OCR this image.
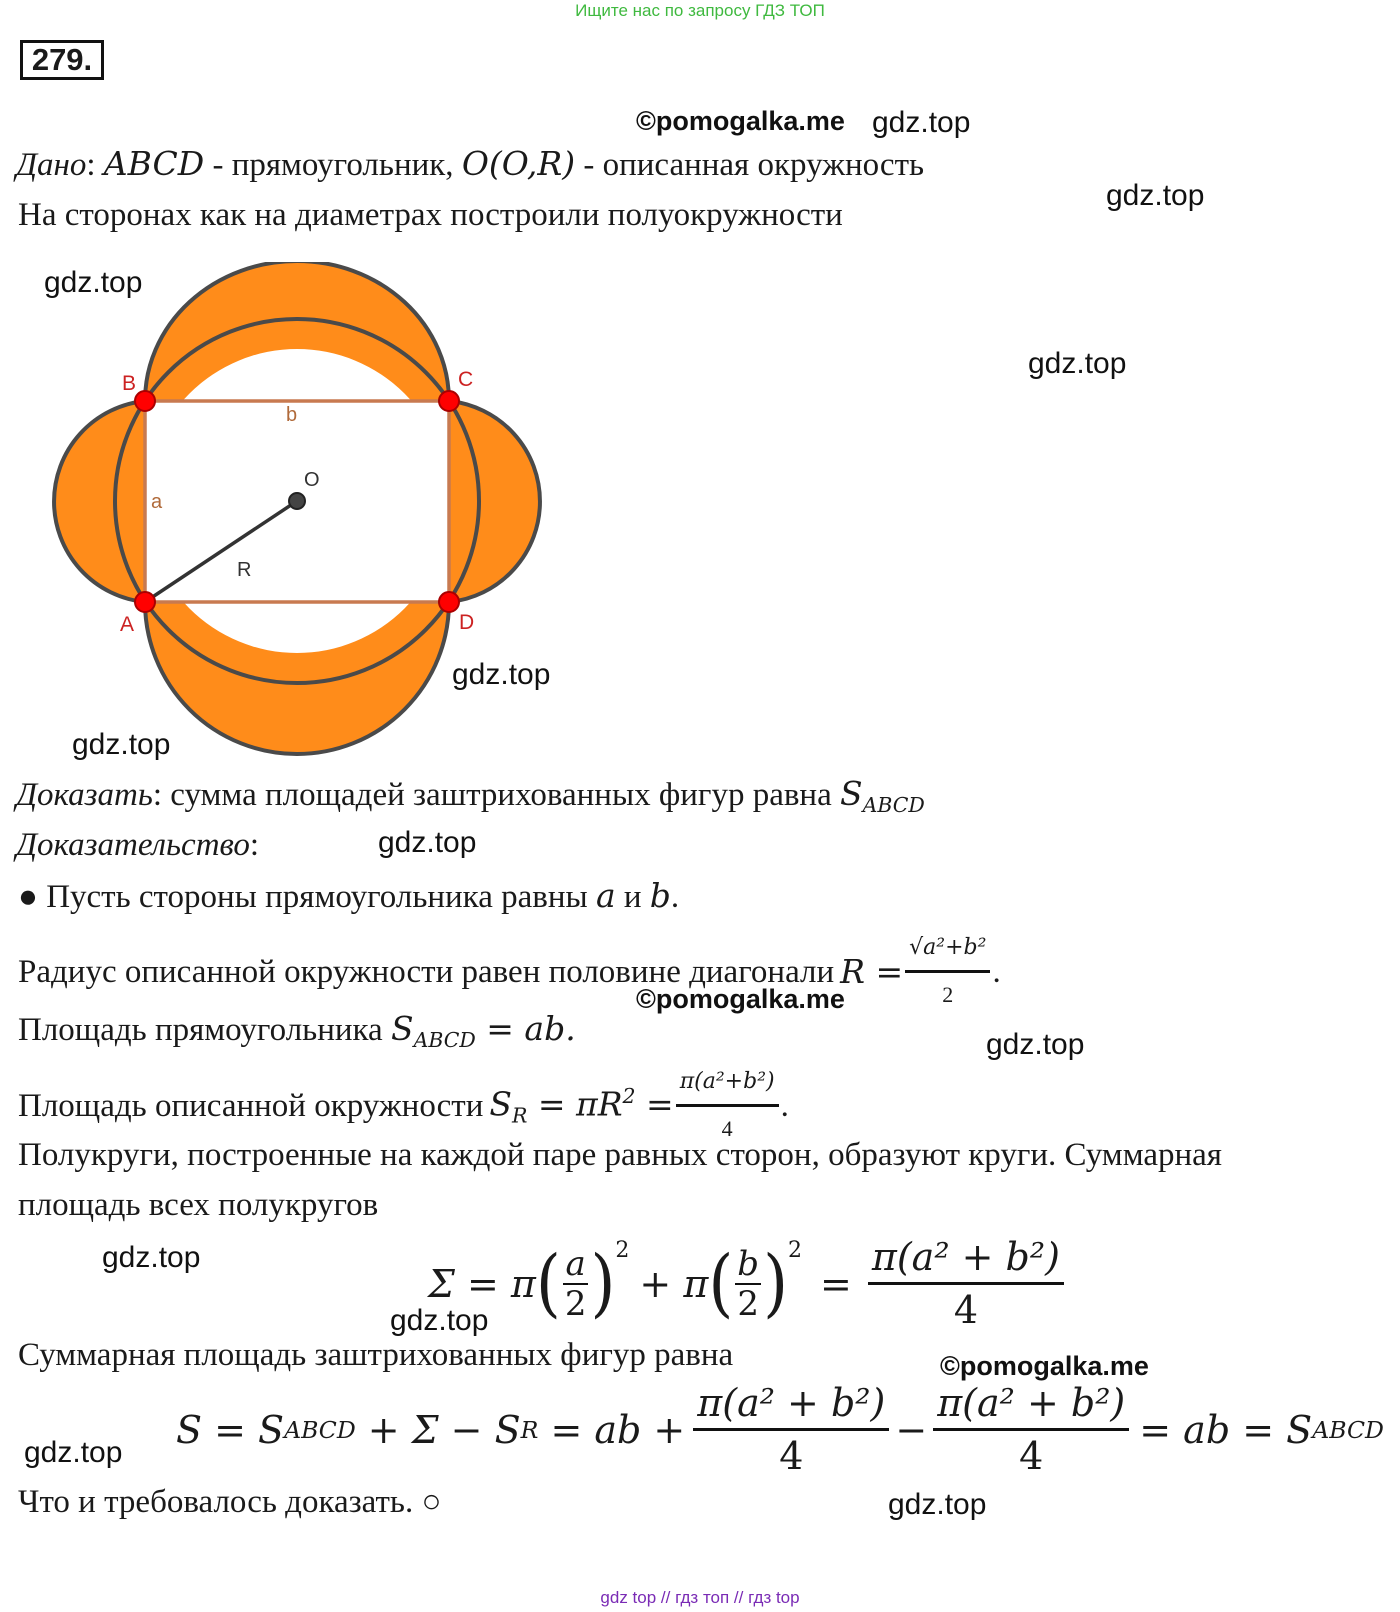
Ищите нас по запросу ГДЗ ТОП
279.
©pomogalka.me gdz.top
gdz.top
gdz.top
gdz.top
gdz.top
gdz.top
gdz.top
©pomogalka.me
gdz.top
gdz.top
gdz.top
©pomogalka.me
gdz.top
gdz.top
Дано: ABCD - прямоугольник, O(O,R) - описанная окружность
На сторонах как на диаметрах построили полуокружности
B	C
A	D
O
b
a
R
Доказать: сумма площадей заштрихованных фигур равна $S_{ABCD}$
Доказательство:
● Пусть стороны прямоугольника равны a и b.
Радиус описанной окружности равен половине диагонали $R = \frac{\text{√a²+b²}}{2}$ .
Площадь прямоугольника $S_{ABCD}$ = ab.
Площадь описанной окружности $S_R = \pi R^2 = \frac{\text{π(a²+b²)}}{4}$ .
Полукруги, построенные на каждой паре равных сторон, образуют круги. Суммарная
площадь всех полукругов
Σ = π ( $\frac{a}{2} )^2$
+ π ( $\frac{b}{2} )^2$
= $\frac{\text{π(a² + b²)}}{4}$
Суммарная площадь заштрихованных фигур равна
S = S ABCD + Σ − S R = ab + $\frac{\text{π(a² + b²)}}{4} - \frac{\text{π(a² + b²)}}{4}$ = ab = S ABCD
Что и требовалось доказать. ○
gdz top // гдз топ // гдз top
